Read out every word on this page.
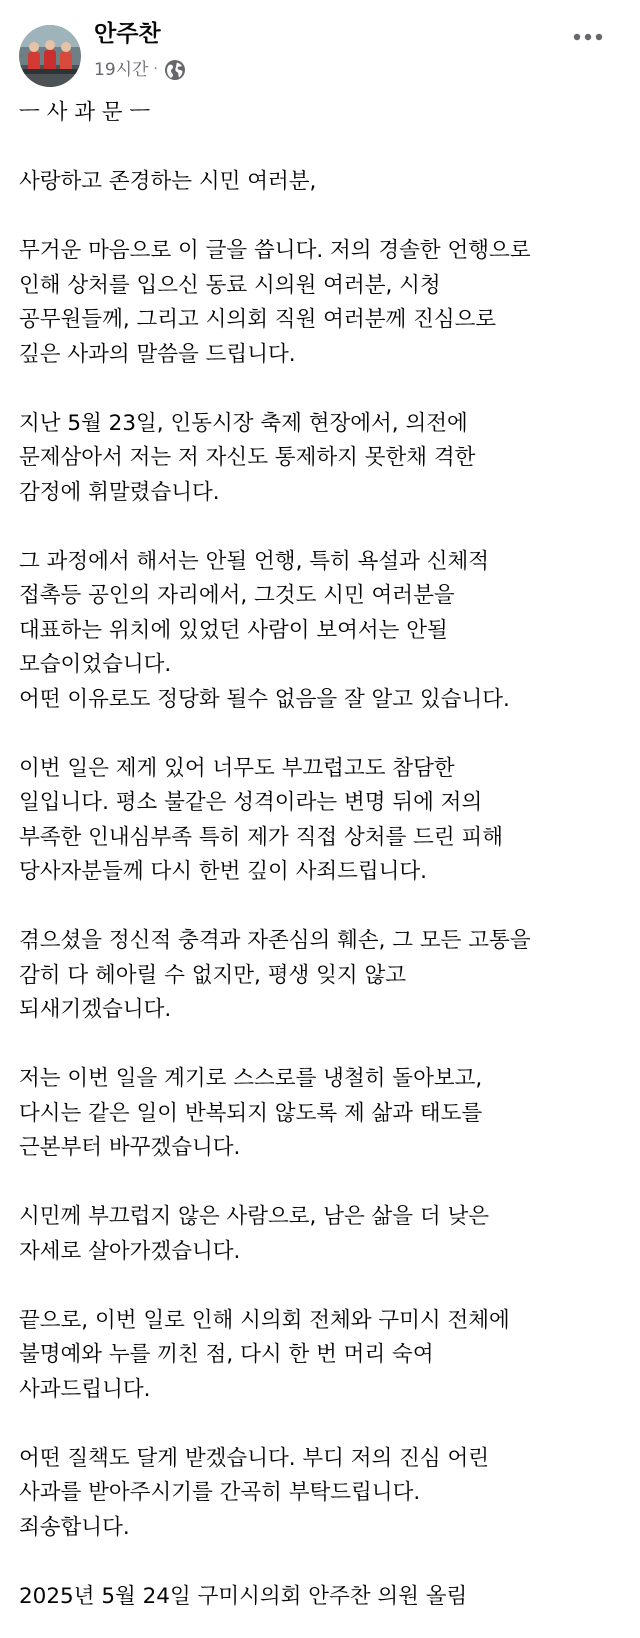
안주찬
19시간 ·
ㅡ 사 과 문 ㅡ
사랑하고 존경하는 시민 여러분,
무거운 마음으로 이 글을 씁니다. 저의 경솔한 언행으로
인해 상처를 입으신 동료 시의원 여러분, 시청
공무원들께, 그리고 시의회 직원 여러분께 진심으로
깊은 사과의 말씀을 드립니다.
지난 5월 23일, 인동시장 축제 현장에서, 의전에
문제삼아서 저는 저 자신도 통제하지 못한채 격한
감정에 휘말렸습니다.
그 과정에서 해서는 안될 언행, 특히 욕설과 신체적
접촉등 공인의 자리에서, 그것도 시민 여러분을
대표하는 위치에 있었던 사람이 보여서는 안될
모습이었습니다.
어떤 이유로도 정당화 될수 없음을 잘 알고 있습니다.
이번 일은 제게 있어 너무도 부끄럽고도 참담한
일입니다. 평소 불같은 성격이라는 변명 뒤에 저의
부족한 인내심부족 특히 제가 직접 상처를 드린 피해
당사자분들께 다시 한번 깊이 사죄드립니다.
겪으셨을 정신적 충격과 자존심의 훼손, 그 모든 고통을
감히 다 헤아릴 수 없지만, 평생 잊지 않고
되새기겠습니다.
저는 이번 일을 계기로 스스로를 냉철히 돌아보고,
다시는 같은 일이 반복되지 않도록 제 삶과 태도를
근본부터 바꾸겠습니다.
시민께 부끄럽지 않은 사람으로, 남은 삶을 더 낮은
자세로 살아가겠습니다.
끝으로, 이번 일로 인해 시의회 전체와 구미시 전체에
불명예와 누를 끼친 점, 다시 한 번 머리 숙여
사과드립니다.
어떤 질책도 달게 받겠습니다. 부디 저의 진심 어린
사과를 받아주시기를 간곡히 부탁드립니다.
죄송합니다.
2025년 5월 24일 구미시의회 안주찬 의원 올림
